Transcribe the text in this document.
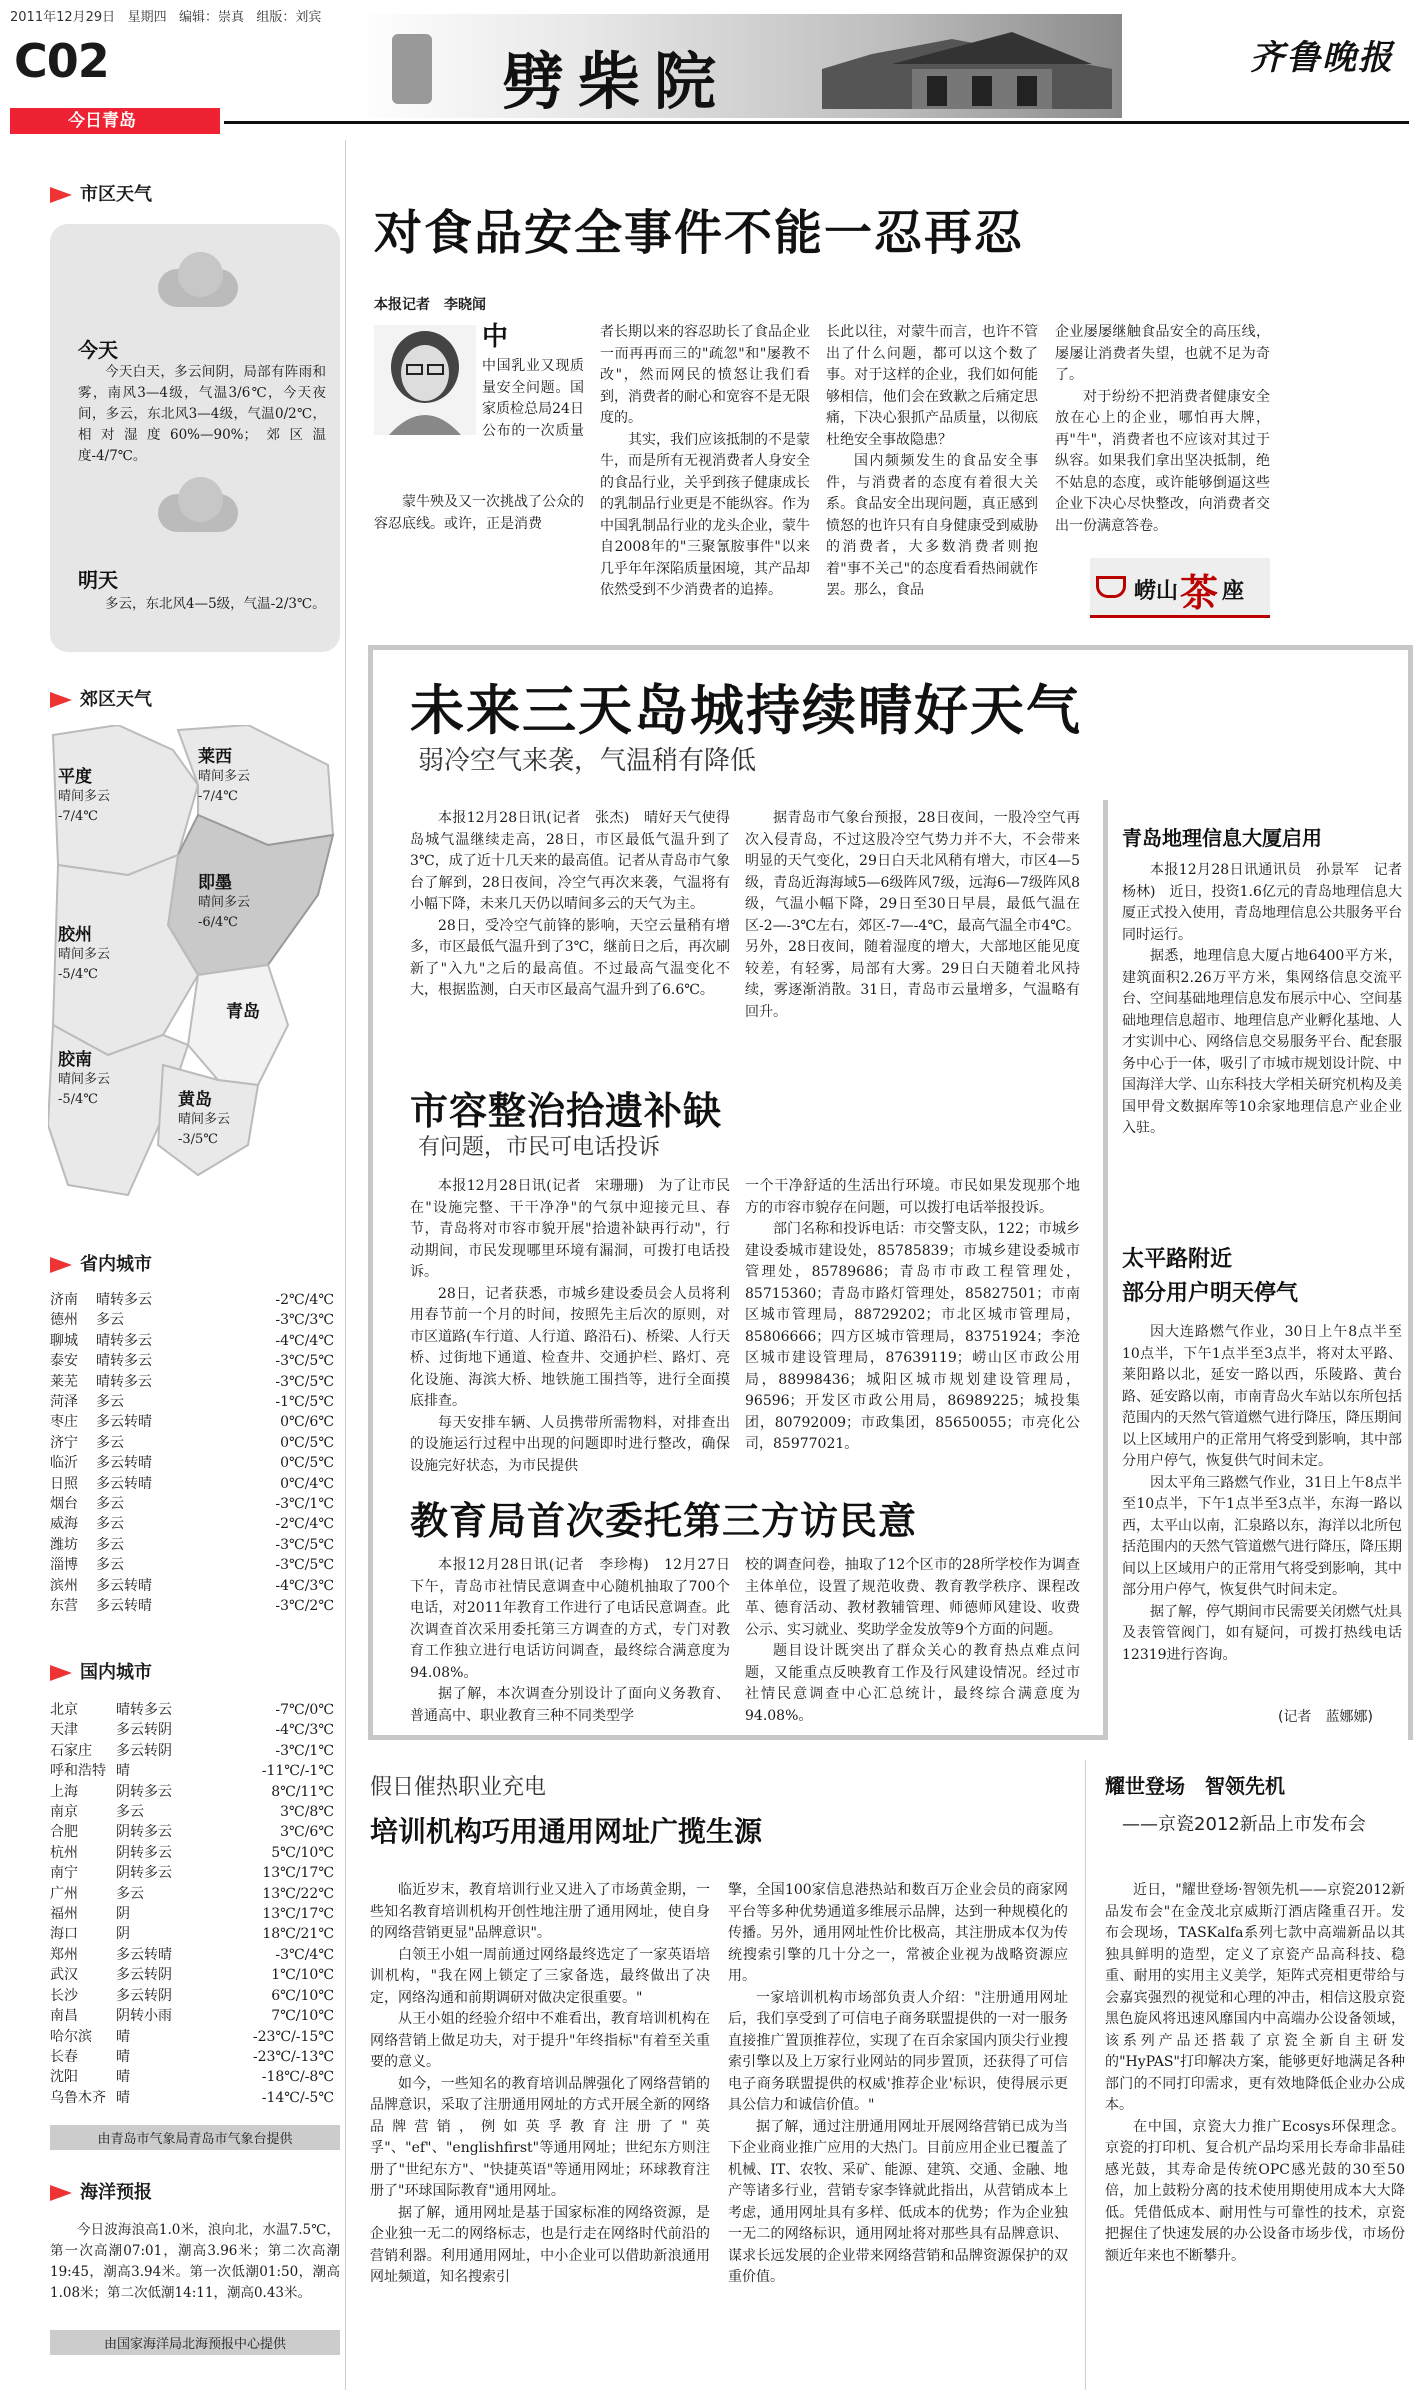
2011年12月29日 星期四 编辑：崇真 组版：刘宾
C02
今日青岛
劈柴院	齐鲁晚报
市区天气
今天
今天白天，多云间阴，局部有阵雨和雾，南风3—4级，气温3/6℃，今天夜间，多云，东北风3—4级，气温0/2℃，相对湿度60%—90%；郊区温度-4/7℃。
明天
多云，东北风4—5级，气温-2/3℃。
郊区天气
平度
晴间多云
-7/4℃
莱西
晴间多云
-7/4℃
即墨
晴间多云
-6/4℃
胶州
晴间多云
-5/4℃
青岛
胶南
晴间多云
-5/4℃	黄岛
晴间多云
-3/5℃
省内城市
济南	晴转多云	-2℃/4℃
德州	多云	-3℃/3℃
聊城	晴转多云	-4℃/4℃
泰安	晴转多云	-3℃/5℃
莱芜	晴转多云	-3℃/5℃
菏泽	多云	-1℃/5℃
枣庄	多云转晴	0℃/6℃
济宁	多云	0℃/5℃
临沂	多云转晴	0℃/5℃
日照	多云转晴	0℃/4℃
烟台	多云	-3℃/1℃
威海	多云	-2℃/4℃
潍坊	多云	-3℃/5℃
淄博	多云	-3℃/5℃
滨州	多云转晴	-4℃/3℃
东营	多云转晴	-3℃/2℃
国内城市
北京	晴转多云	-7℃/0℃
天津	多云转阴	-4℃/3℃
石家庄	多云转阴	-3℃/1℃
呼和浩特 晴	-11℃/-1℃
上海	阴转多云	8℃/11℃
南京	多云	3℃/8℃
合肥	阴转多云	3℃/6℃
杭州	阴转多云	5℃/10℃
南宁	阴转多云	13℃/17℃
广州	多云	13℃/22℃
福州	阴	13℃/17℃
海口	阴	18℃/21℃
郑州	多云转晴	-3℃/4℃
武汉	多云转阴	1℃/10℃
长沙	多云转阴	6℃/10℃
南昌	阴转小雨	7℃/10℃
哈尔滨	晴	-23℃/-15℃
长春	晴	-23℃/-13℃
沈阳	晴	-18℃/-8℃
乌鲁木齐 晴	-14℃/-5℃
由青岛市气象局青岛市气象台提供
海洋预报
今日波海浪高1.0米，浪向北，水温7.5℃，第一次高潮07:01，潮高3.96米；第二次高潮19:45，潮高3.94米。第一次低潮01:50，潮高1.08米；第二次低潮14:11，潮高0.43米。
由国家海洋局北海预报中心提供
对食品安全事件不能一忍再忍
本报记者　李晓闻
中
中国乳业又现质量安全问题。国家质检总局24日公布的一次质量
蒙牛殃及又一次挑战了公众的容忍底线。或许，正是消费
者长期以来的容忍助长了食品企业一而再再而三的"疏忽"和"屡教不改"，然而网民的愤怒让我们看到，消费者的耐心和宽容不是无限度的。
其实，我们应该抵制的不是蒙牛，而是所有无视消费者人身安全的食品行业，关乎到孩子健康成长的乳制品行业更是不能纵容。作为中国乳制品行业的龙头企业，蒙牛自2008年的"三聚氰胺事件"以来几乎年年深陷质量困境，其产品却依然受到不少消费者的追捧。
长此以往，对蒙牛而言，也许不管出了什么问题，都可以这个数了事。对于这样的企业，我们如何能够相信，他们会在致歉之后痛定思痛，下决心狠抓产品质量，以彻底杜绝安全事故隐患？
国内频频发生的食品安全事件，与消费者的态度有着很大关系。食品安全出现问题，真正感到愤怒的也许只有自身健康受到威胁的消费者，大多数消费者则抱着"事不关己"的态度看看热闹就作罢。那么，食品
企业屡屡继触食品安全的高压线，屡屡让消费者失望，也就不足为奇了。
对于纷纷不把消费者健康安全放在心上的企业，哪怕再大牌，再"牛"，消费者也不应该对其过于纵容。如果我们拿出坚决抵制，绝不姑息的态度，或许能够倒逼这些企业下决心尽快整改，向消费者交出一份满意答卷。
崂山 茶 座
未来三天岛城持续晴好天气
弱冷空气来袭，气温稍有降低
本报12月28日讯(记者　张杰)　晴好天气使得岛城气温继续走高，28日，市区最低气温升到了3℃，成了近十几天来的最高值。记者从青岛市气象台了解到，28日夜间，冷空气再次来袭，气温将有小幅下降，未来几天仍以晴间多云的天气为主。
28日，受冷空气前锋的影响，天空云量稍有增多，市区最低气温升到了3℃，继前日之后，再次刷新了"入九"之后的最高值。不过最高气温变化不大，根据监测，白天市区最高气温升到了6.6℃。
据青岛市气象台预报，28日夜间，一股冷空气再次入侵青岛，不过这股冷空气势力并不大，不会带来明显的天气变化，29日白天北风稍有增大，市区4—5级，青岛近海海域5—6级阵风7级，远海6—7级阵风8级，气温小幅下降，29日至30日早晨，最低气温在区-2—-3℃左右，郊区-7—-4℃，最高气温全市4℃。另外，28日夜间，随着湿度的增大，大部地区能见度较差，有轻雾，局部有大雾。29日白天随着北风持续，雾逐渐消散。31日，青岛市云量增多，气温略有回升。
市容整治拾遗补缺
有问题，市民可电话投诉
本报12月28日讯(记者　宋珊珊)　为了让市民在"设施完整、干干净净"的气氛中迎接元旦、春节，青岛将对市容市貌开展"拾遗补缺再行动"，行动期间，市民发现哪里环境有漏洞，可拨打电话投诉。
28日，记者获悉，市城乡建设委员会人员将利用春节前一个月的时间，按照先主后次的原则，对市区道路(车行道、人行道、路沿石)、桥梁、人行天桥、过街地下通道、检查井、交通护栏、路灯、亮化设施、海滨大桥、地铁施工围挡等，进行全面摸底排查。
每天安排车辆、人员携带所需物料，对排查出的设施运行过程中出现的问题即时进行整改，确保设施完好状态，为市民提供
一个干净舒适的生活出行环境。市民如果发现那个地方的市容市貌存在问题，可以拨打电话举报投诉。
部门名称和投诉电话：市交警支队，122；市城乡建设委城市建设处，85785839；市城乡建设委城市管理处，85789686；青岛市市政工程管理处，85715360；青岛市路灯管理处，85827501；市南区城市管理局，88729202；市北区城市管理局，85806666；四方区城市管理局，83751924；李沧区城市建设管理局，87639119；崂山区市政公用局，88998436；城阳区城市规划建设管理局，96596；开发区市政公用局，86989225；城投集团，80792009；市政集团，85650055；市亮化公司，85977021。
教育局首次委托第三方访民意
本报12月28日讯(记者　李珍梅)　12月27日下午，青岛市社情民意调查中心随机抽取了700个电话，对2011年教育工作进行了电话民意调查。此次调查首次采用委托第三方调查的方式，专门对教育工作独立进行电话访问调查，最终综合满意度为94.08%。
据了解，本次调查分别设计了面向义务教育、普通高中、职业教育三种不同类型学
校的调查问卷，抽取了12个区市的28所学校作为调查主体单位，设置了规范收费、教育教学秩序、课程改革、德育活动、教材教辅管理、师德师风建设、收费公示、实习就业、奖助学金发放等9个方面的问题。
题目设计既突出了群众关心的教育热点难点问题，又能重点反映教育工作及行风建设情况。经过市社情民意调查中心汇总统计，最终综合满意度为94.08%。
青岛地理信息大厦启用
本报12月28日讯通讯员　孙景军　记者　杨林)　近日，投资1.6亿元的青岛地理信息大厦正式投入使用，青岛地理信息公共服务平台同时运行。
据悉，地理信息大厦占地6400平方米，建筑面积2.26万平方米，集网络信息交流平台、空间基础地理信息发布展示中心、空间基础地理信息超市、地理信息产业孵化基地、人才实训中心、网络信息交易服务平台、配套服务中心于一体，吸引了市城市规划设计院、中国海洋大学、山东科技大学相关研究机构及美国甲骨文数据库等10余家地理信息产业企业入驻。
太平路附近
部分用户明天停气
因大连路燃气作业，30日上午8点半至10点半，下午1点半至3点半，将对太平路、莱阳路以北，延安一路以西，乐陵路、黄台路、延安路以南，市南青岛火车站以东所包括范围内的天然气管道燃气进行降压，降压期间以上区域用户的正常用气将受到影响，其中部分用户停气，恢复供气时间未定。
因太平角三路燃气作业，31日上午8点半至10点半，下午1点半至3点半，东海一路以西，太平山以南，汇泉路以东，海洋以北所包括范围内的天然气管道燃气进行降压，降压期间以上区域用户的正常用气将受到影响，其中部分用户停气，恢复供气时间未定。
据了解，停气期间市民需要关闭燃气灶具及表管管阀门，如有疑问，可拨打热线电话12319进行咨询。
(记者　蓝娜娜)
假日催热职业充电
培训机构巧用通用网址广揽生源
临近岁末，教育培训行业又进入了市场黄金期，一些知名教育培训机构开创性地注册了通用网址，使自身的网络营销更显"品牌意识"。
白领王小姐一周前通过网络最终选定了一家英语培训机构，"我在网上锁定了三家备选，最终做出了决定，网络沟通和前期调研对做决定很重要。"
从王小姐的经验介绍中不难看出，教育培训机构在网络营销上做足功夫，对于提升"年终指标"有着至关重要的意义。
如今，一些知名的教育培训品牌强化了网络营销的品牌意识，采取了注册通用网址的方式开展全新的网络品牌营销，例如英孚教育注册了"英孚"、"ef"、"englishfirst"等通用网址；世纪东方则注册了"世纪东方"、"快捷英语"等通用网址；环球教育注册了"环球国际教育"通用网址。
据了解，通用网址是基于国家标准的网络资源，是企业独一无二的网络标志，也是行走在网络时代前沿的营销利器。利用通用网址，中小企业可以借助新浪通用网址频道，知名搜索引
擎，全国100家信息港热站和数百万企业会员的商家网平台等多种优势通道多维展示品牌，达到一种规模化的传播。另外，通用网址性价比极高，其注册成本仅为传统搜索引擎的几十分之一，常被企业视为战略资源应用。
一家培训机构市场部负责人介绍："注册通用网址后，我们享受到了可信电子商务联盟提供的一对一服务直接推广置顶推荐位，实现了在百余家国内顶尖行业搜索引擎以及上万家行业网站的同步置顶，还获得了可信电子商务联盟提供的权威'推荐企业'标识，使得展示更具公信力和诚信价值。"
据了解，通过注册通用网址开展网络营销已成为当下企业商业推广应用的大热门。目前应用企业已覆盖了机械、IT、农牧、采矿、能源、建筑、交通、金融、地产等诸多行业，营销专家李锋就此指出，从营销成本上考虑，通用网址具有多样、低成本的优势；作为企业独一无二的网络标识，通用网址将对那些具有品牌意识、谋求长远发展的企业带来网络营销和品牌资源保护的双重价值。
耀世登场　智领先机
——京瓷2012新品上市发布会
近日，"耀世登场·智领先机——京瓷2012新品发布会"在金茂北京威斯汀酒店隆重召开。发布会现场，TASKalfa系列七款中高端新品以其独具鲜明的造型，定义了京瓷产品高科技、稳重、耐用的实用主义美学，矩阵式亮相更带给与会嘉宾强烈的视觉和心理的冲击，相信这股京瓷黑色旋风将迅速风靡国内中高端办公设备领域，该系列产品还搭载了京瓷全新自主研发的"HyPAS"打印解决方案，能够更好地满足各种部门的不同打印需求，更有效地降低企业办公成本。
在中国，京瓷大力推广Ecosys环保理念。京瓷的打印机、复合机产品均采用长寿命非晶硅感光鼓，其寿命是传统OPC感光鼓的30至50倍，加上鼓粉分离的技术使用期使用成本大大降低。凭借低成本、耐用性与可靠性的技术，京瓷把握住了快速发展的办公设备市场步伐，市场份额近年来也不断攀升。
